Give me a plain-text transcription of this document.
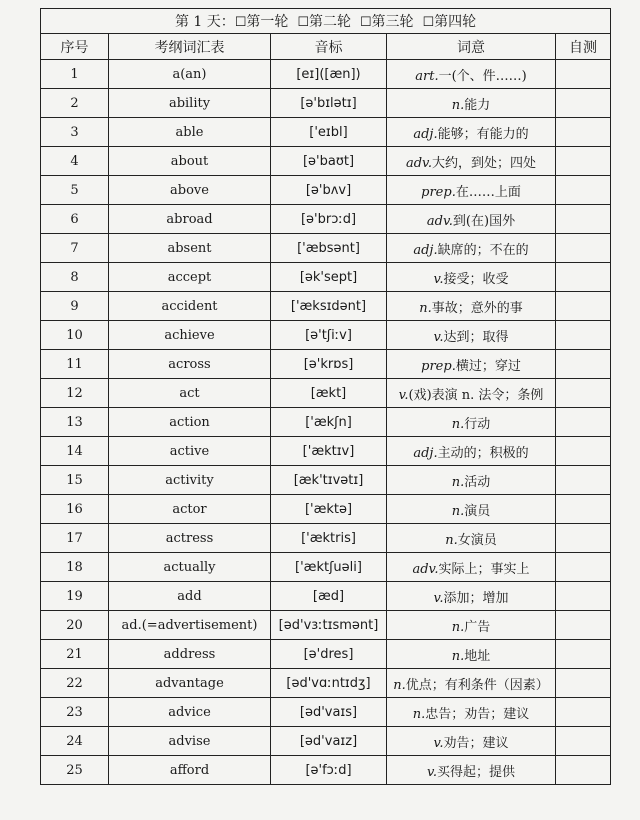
第 1 天：☐第一轮 ☐第二轮 ☐第三轮 ☐第四轮				
序号	考纲词汇表	音标	词意	自测
1	a(an)	[eɪ]([æn])	art.一(个、件……)	
2	ability	[ə'bɪlətɪ]	n.能力	
3	able	['eɪbl]	adj.能够；有能力的	
4	about	[ə'baʊt]	adv.大约，到处；四处	
5	above	[ə'bʌv]	prep.在……上面	
6	abroad	[ə'brɔːd]	adv.到(在)国外	
7	absent	['æbsənt]	adj.缺席的；不在的	
8	accept	[ək'sept]	v.接受；收受	
9	accident	['æksɪdənt]	n.事故；意外的事	
10	achieve	[ə'tʃiːv]	v.达到；取得	
11	across	[ə'krɒs]	prep.横过；穿过	
12	act	[ækt]	v.(戏)表演 n. 法令；条例	
13	action	['ækʃn]	n.行动	
14	active	['æktɪv]	adj.主动的；积极的	
15	activity	[æk'tɪvətɪ]	n.活动	
16	actor	['æktə]	n.演员	
17	actress	['æktris]	n.女演员	
18	actually	['æktʃuəli]	adv.实际上；事实上	
19	add	[æd]	v.添加；增加	
20	ad.(=advertisement)	[əd'vɜːtɪsmənt]	n.广告	
21	address	[ə'dres]	n.地址	
22	advantage	[əd'vɑːntɪdʒ]	n.优点；有利条件（因素）	
23	advice	[əd'vaɪs]	n.忠告；劝告；建议	
24	advise	[əd'vaɪz]	v.劝告；建议	
25	afford	[ə'fɔːd]	v.买得起；提供	
